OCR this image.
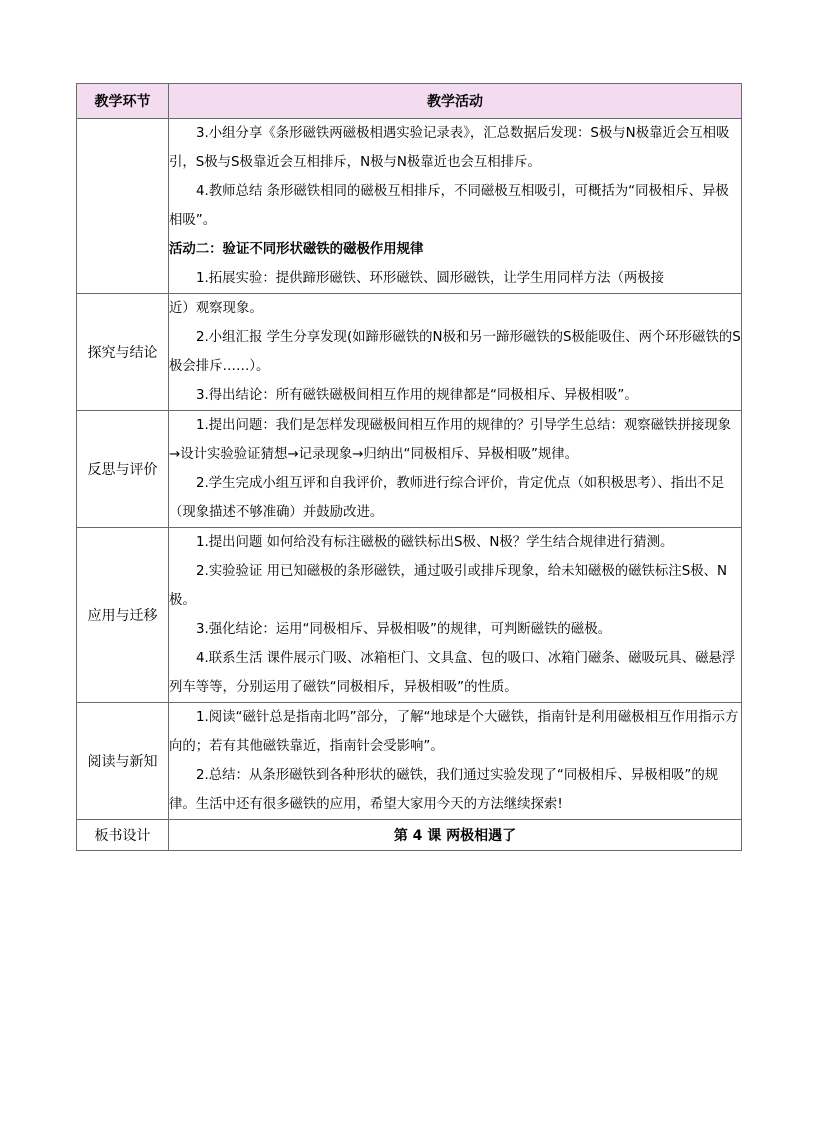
教学环节	教学活动

	3.小组分享《条形磁铁两磁极相遇实验记录表》，汇总数据后发现：S极与N极靠近会互相吸引，S极与S极靠近会互相排斥，N极与N极靠近也会互相排斥。

4.教师总结 条形磁铁相同的磁极互相排斥，不同磁极互相吸引，可概括为“同极相斥、异极相吸”。

活动二：验证不同形状磁铁的磁极作用规律

1.拓展实验：提供蹄形磁铁、环形磁铁、圆形磁铁，让学生用同样方法（两极接

探究与结论	近）观察现象。

2.小组汇报 学生分享发现(如蹄形磁铁的N极和另一蹄形磁铁的S极能吸住、两个环形磁铁的S极会排斥……）。

3.得出结论：所有磁铁磁极间相互作用的规律都是“同极相斥、异极相吸”。

反思与评价	1.提出问题：我们是怎样发现磁极间相互作用的规律的？引导学生总结：观察磁铁拼接现象→设计实验验证猜想→记录现象→归纳出“同极相斥、异极相吸”规律。

2.学生完成小组互评和自我评价，教师进行综合评价，肯定优点（如积极思考）、指出不足（现象描述不够准确）并鼓励改进。

应用与迁移	1.提出问题 如何给没有标注磁极的磁铁标出S极、N极？学生结合规律进行猜测。

2.实验验证 用已知磁极的条形磁铁，通过吸引或排斥现象，给未知磁极的磁铁标注S极、N极。

3.强化结论：运用“同极相斥、异极相吸”的规律，可判断磁铁的磁极。

4.联系生活 课件展示门吸、冰箱柜门、文具盒、包的吸口、冰箱门磁条、磁吸玩具、磁悬浮列车等等，分别运用了磁铁“同极相斥，异极相吸”的性质。

阅读与新知	1.阅读“磁针总是指南北吗”部分，了解“地球是个大磁铁，指南针是利用磁极相互作用指示方向的；若有其他磁铁靠近，指南针会受影响”。

2.总结：从条形磁铁到各种形状的磁铁，我们通过实验发现了“同极相斥、异极相吸”的规律。生活中还有很多磁铁的应用，希望大家用今天的方法继续探索!

板书设计	第 4 课 两极相遇了
